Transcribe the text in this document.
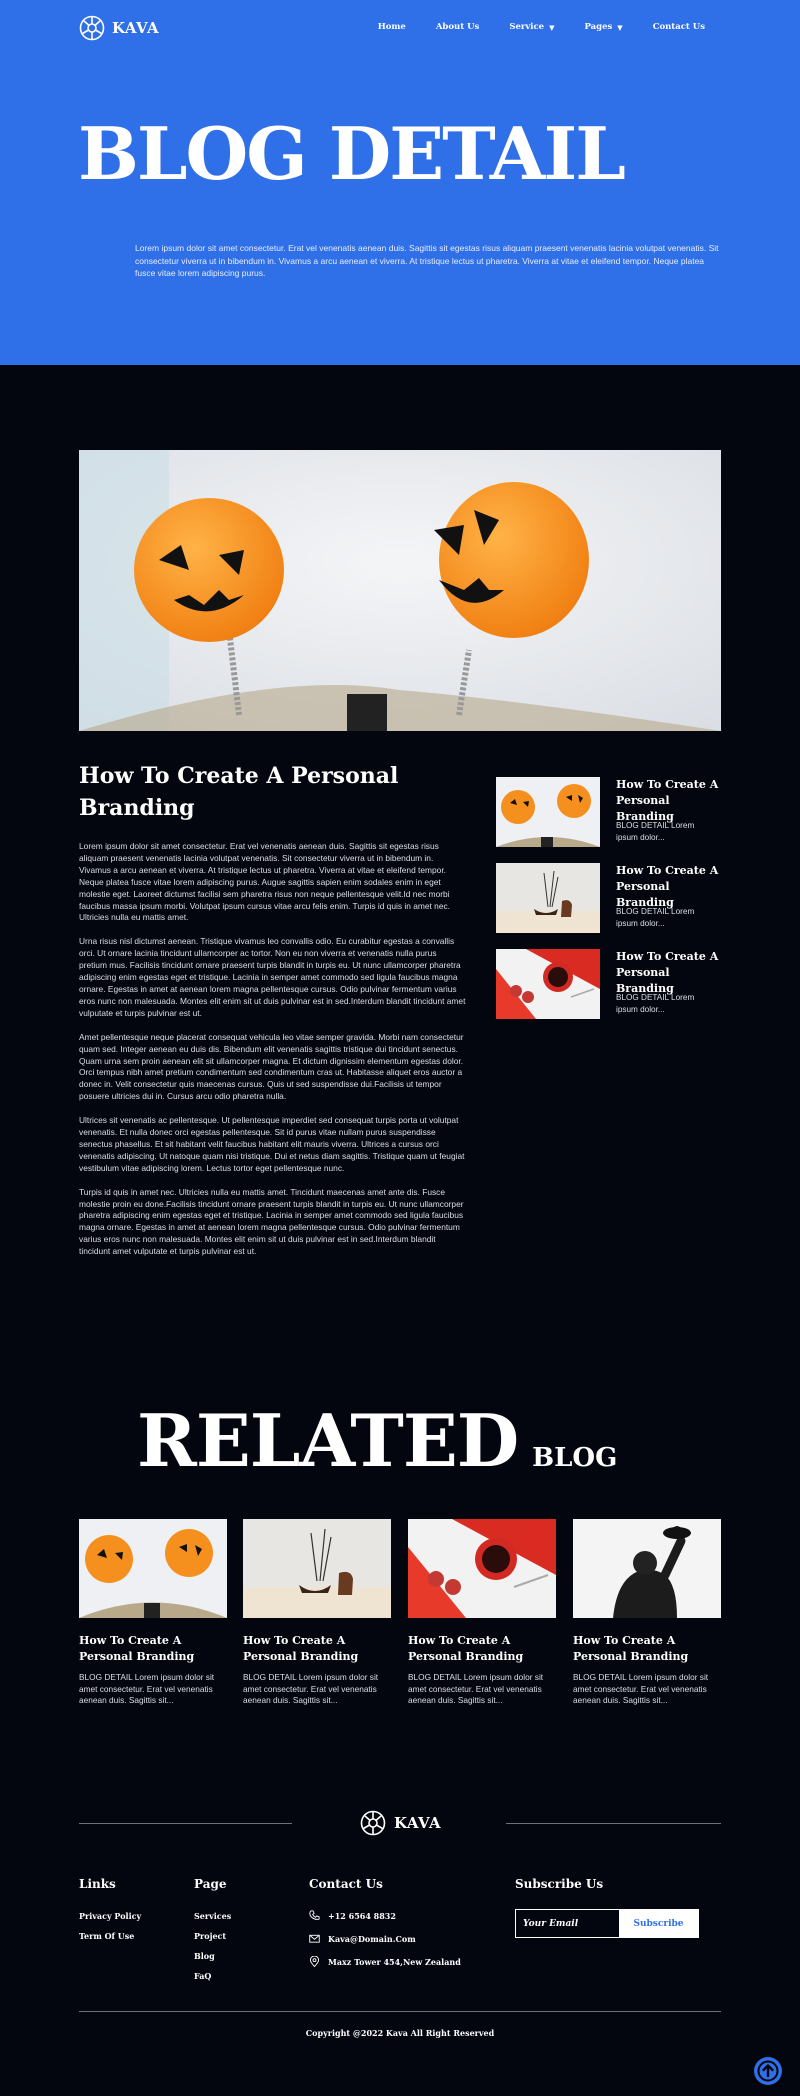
KAVA	Home	About Us	Service ▼	Pages ▼	Contact Us
BLOG DETAIL

Lorem ipsum dolor sit amet consectetur. Erat vel venenatis aenean duis. Sagittis sit egestas risus aliquam praesent venenatis lacinia volutpat venenatis. Sit consectetur viverra ut in bibendum in. Vivamus a arcu aenean et viverra. At tristique lectus ut pharetra. Viverra at vitae et eleifend tempor. Neque platea fusce vitae lorem adipiscing purus.

How To Create A Personal Branding

Lorem ipsum dolor sit amet consectetur. Erat vel venenatis aenean duis. Sagittis sit egestas risus aliquam praesent venenatis lacinia volutpat venenatis. Sit consectetur viverra ut in bibendum in. Vivamus a arcu aenean et viverra. At tristique lectus ut pharetra. Viverra at vitae et eleifend tempor. Neque platea fusce vitae lorem adipiscing purus. Augue sagittis sapien enim sodales enim in eget molestie eget. Laoreet dictumst facilisi sem pharetra risus non neque pellentesque velit.Id nec morbi faucibus massa ipsum morbi. Volutpat ipsum cursus vitae arcu felis enim. Turpis id quis in amet nec. Ultricies nulla eu mattis amet.

Urna risus nisl dictumst aenean. Tristique vivamus leo convallis odio. Eu curabitur egestas a convallis orci. Ut ornare lacinia tincidunt ullamcorper ac tortor. Non eu non viverra et venenatis nulla purus pretium mus. Facilisis tincidunt ornare praesent turpis blandit in turpis eu. Ut nunc ullamcorper pharetra adipiscing enim egestas eget et tristique. Lacinia in semper amet commodo sed ligula faucibus magna ornare. Egestas in amet at aenean lorem magna pellentesque cursus. Odio pulvinar fermentum varius eros nunc non malesuada. Montes elit enim sit ut duis pulvinar est in sed.Interdum blandit tincidunt amet vulputate et turpis pulvinar est ut.

Amet pellentesque neque placerat consequat vehicula leo vitae semper gravida. Morbi nam consectetur quam sed. Integer aenean eu duis dis. Bibendum elit venenatis sagittis tristique dui tincidunt senectus. Quam urna sem proin aenean elit sit ullamcorper magna. Et dictum dignissim elementum egestas dolor. Orci tempus nibh amet pretium condimentum sed condimentum cras ut. Habitasse aliquet eros auctor a donec in. Velit consectetur quis maecenas cursus. Quis ut sed suspendisse dui.Facilisis ut tempor posuere ultricies dui in. Cursus arcu odio pharetra nulla.

Ultrices sit venenatis ac pellentesque. Ut pellentesque imperdiet sed consequat turpis porta ut volutpat venenatis. Et nulla donec orci egestas pellentesque. Sit id purus vitae nullam purus suspendisse senectus phasellus. Et sit habitant velit faucibus habitant elit mauris viverra. Ultrices a cursus orci venenatis adipiscing. Ut natoque quam nisi tristique. Dui et netus diam sagittis. Tristique quam ut feugiat vestibulum vitae adipiscing lorem. Lectus tortor eget pellentesque nunc.

Turpis id quis in amet nec. Ultricies nulla eu mattis amet. Tincidunt maecenas amet ante dis. Fusce molestie proin eu done.Facilisis tincidunt ornare praesent turpis blandit in turpis eu. Ut nunc ullamcorper pharetra adipiscing enim egestas eget et tristique. Lacinia in semper amet commodo sed ligula faucibus magna ornare. Egestas in amet at aenean lorem magna pellentesque cursus. Odio pulvinar fermentum varius eros nunc non malesuada. Montes elit enim sit ut duis pulvinar est in sed.Interdum blandit tincidunt amet vulputate et turpis pulvinar est ut.

How To Create A Personal Branding
BLOG DETAIL Lorem ipsum dolor...
How To Create A Personal Branding
BLOG DETAIL Lorem ipsum dolor...
How To Create A Personal Branding
BLOG DETAIL Lorem ipsum dolor...
RELATED BLOG
How To Create A Personal Branding
BLOG DETAIL Lorem ipsum dolor sit amet consectetur. Erat vel venenatis aenean duis. Sagittis sit...
How To Create A Personal Branding
BLOG DETAIL Lorem ipsum dolor sit amet consectetur. Erat vel venenatis aenean duis. Sagittis sit...
How To Create A Personal Branding
BLOG DETAIL Lorem ipsum dolor sit amet consectetur. Erat vel venenatis aenean duis. Sagittis sit...
How To Create A Personal Branding
BLOG DETAIL Lorem ipsum dolor sit amet consectetur. Erat vel venenatis aenean duis. Sagittis sit...
KAVA
Links
Privacy Policy
Term Of Use
Page
Services
Project
Blog
FaQ
Contact Us
+12 6564 8832
Kava@Domain.Com
Maxz Tower 454,New Zealand
Subscribe Us
Your Email
Subscribe
Copyright @2022 Kava All Right Reserved
